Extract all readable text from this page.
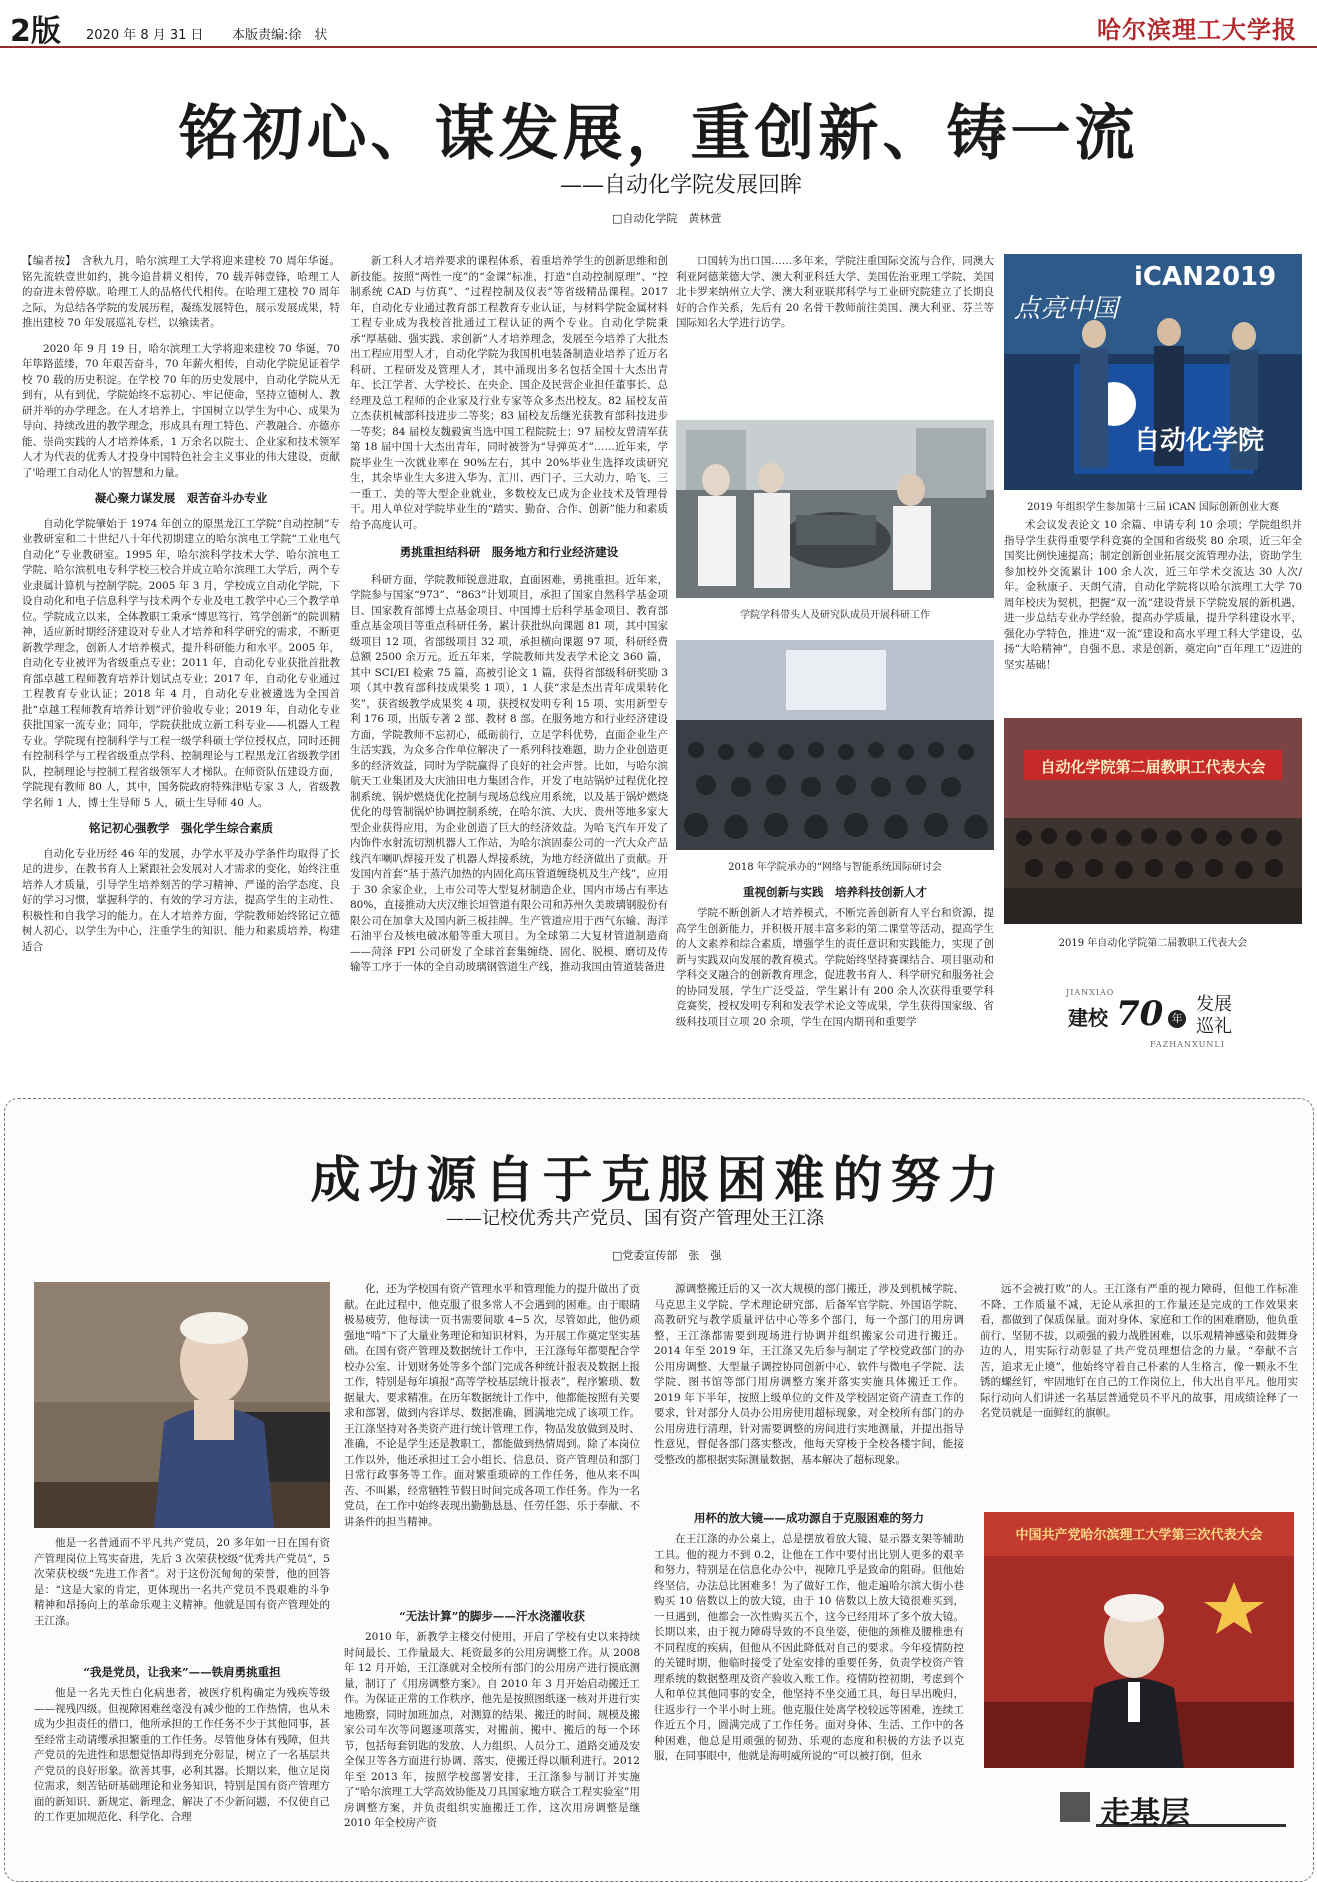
2版 2020 年 8 月 31 日 本版责编:徐　状	哈尔滨理工大学报
铭初心、谋发展，重创新、铸一流
——自动化学院发展回眸
□自动化学院　黄林萱
【编者按】　含秋九月，哈尔滨理工大学将迎来建校 70 周年华诞。铭先流轶壹世如约，挑今追昔耕义相传，70 载弄韩壹锋，哈理工人的奋进未曾停歇。哈理工人的品格代代相传。在哈理工建校 70 周年之际，为总结各学院的发展历程，凝练发展特色，展示发展成果，特推出建校 70 年发展巡礼专栏，以飨读者。

2020 年 9 月 19 日，哈尔滨理工大学将迎来建校 70 华诞，70 年筚路蓝缕，70 年艰苦奋斗，70 年薪火相传，自动化学院见证着学校 70 载的历史积淀。在学校 70 年的历史发展中，自动化学院从无到有，从有到优，学院始终不忘初心、牢记使命，坚持立德树人、教研并举的办学理念。在人才培养上，宇国树立以学生为中心、成果为导向、持续改进的教学理念，形成具有理工特色、产教融合、亦德亦能、崇尚实践的人才培养体系，1 万余名以院士、企业家和技术领军人才为代表的优秀人才投身中国特色社会主义事业的伟大建设，贡献了'哈理工自动化人'的智慧和力量。

凝心聚力谋发展　艰苦奋斗办专业

自动化学院肇始于 1974 年创立的原黑龙江工学院“自动控制”专业教研室和二十世纪八十年代初期建立的哈尔滨电工学院“工业电气自动化”专业教研室。1995 年，哈尔滨科学技术大学、哈尔滨电工学院、哈尔滨机电专科学校三校合并成立哈尔滨理工大学后，两个专业隶属计算机与控制学院。2005 年 3 月，学校成立自动化学院，下设自动化和电子信息科学与技术两个专业及电工教学中心三个教学单位。学院成立以来，全体教职工秉承“博思笃行、笃学创新”的院训精神，适应新时期经济建设对专业人才培养和科学研究的需求，不断更新教学理念，创新人才培养模式，提升科研能力和水平。2005 年，自动化专业被评为省级重点专业；2011 年，自动化专业获批首批教育部卓越工程师教育培养计划试点专业；2017 年，自动化专业通过工程教育专业认证；2018 年 4 月，自动化专业被遴选为全国首批“卓越工程师教育培养计划”评价验收专业；2019 年，自动化专业获批国家一流专业；同年，学院获批成立新工科专业——机器人工程专业。学院现有控制科学与工程一级学科硕士学位授权点，同时还拥有控制科学与工程省级重点学科、控制理论与工程黑龙江省级教学团队，控制理论与控制工程省级领军人才梯队。在师资队伍建设方面，学院现有教师 80 人，其中，国务院政府特殊津贴专家 3 人，省级教学名师 1 人，博士生导师 5 人，硕士生导师 40 人。

铭记初心强教学　强化学生综合素质

自动化专业历经 46 年的发展，办学水平及办学条件均取得了长足的进步，在教书育人上紧跟社会发展对人才需求的变化，始终注重培养人才质量，引导学生培养刻苦的学习精神、严谨的治学态度、良好的学习习惯，掌握科学的、有效的学习方法，提高学生的主动性、积极性和自我学习的能力。在人才培养方面，学院教师始终铭记立德树人初心，以学生为中心，注重学生的知识、能力和素质培养，构建适合

新工科人才培养要求的课程体系，着重培养学生的创新思维和创新技能。按照“两性一度”的“金课”标准，打造“自动控制原理”、“控制系统 CAD 与仿真”、“过程控制及仪表”等省级精品课程。2017 年，自动化专业通过教育部工程教育专业认证，与材料学院金属材料工程专业成为我校首批通过工程认证的两个专业。自动化学院秉承“厚基础、强实践、求创新”人才培养理念，发展至今培养了大批杰出工程应用型人才，自动化学院为我国机电装备制造业培养了近万名科研、工程研发及管理人才，其中涌现出多名包括全国十大杰出青年、长江学者、大学校长、在央企、国企及民营企业担任董事长、总经理及总工程师的企业家及行业专家等众多杰出校友。82 届校友苗立杰获机械部科技进步二等奖；83 届校友岳继光获教育部科技进步一等奖；84 届校友魏毅寅当选中国工程院院士；97 届校友曾清军获第 18 届中国十大杰出青年，同时被誉为“导弹英才”……近年来，学院毕业生一次就业率在 90%左右，其中 20%毕业生选择攻读研究生，其余毕业生大多进入华为、汇川、西门子、三大动力、哈飞、三一重工、美的等大型企业就业，多数校友已成为企业技术及管理骨干。用人单位对学院毕业生的“踏实、勤奋、合作、创新”能力和素质给予高度认可。

勇挑重担结科研　服务地方和行业经济建设

科研方面，学院教师锐意进取，直面困难，勇挑重担。近年来，学院参与国家“973”、“863”计划项目，承担了国家自然科学基金项目、国家教育部博士点基金项目、中国博士后科学基金项目、教育部重点基金项目等重点科研任务，累计获批纵向课题 81 项，其中国家级项目 12 项，省部级项目 32 项，承担横向课题 97 项，科研经费总额 2500 余万元。近五年来，学院教师共发表学术论文 360 篇，其中 SCI/EI 检索 75 篇，高被引论文 1 篇，获得省部级科研奖励 3 项（其中教育部科技成果奖 1 项），1 人获“求是杰出青年成果转化奖”，获省级教学成果奖 4 项，获授权发明专利 15 项、实用新型专利 176 项，出版专著 2 部、教材 8 部。在服务地方和行业经济建设方面，学院教师不忘初心，砥砺前行，立足学科优势，直面企业生产生活实践，为众多合作单位解决了一系列科技难题，助力企业创造更多的经济效益，同时为学院赢得了良好的社会声誉。比如，与哈尔滨航天工业集团及大庆油田电力集团合作，开发了电站锅炉过程优化控制系统、锅炉燃烧优化控制与现场总线应用系统，以及基于锅炉燃烧优化的母管制锅炉协调控制系统，在哈尔滨、大庆、贵州等地多家大型企业获得应用，为企业创造了巨大的经济效益。为哈飞汽车开发了内饰件水射流切割机器人工作站，为哈尔滨固泰公司的一汽大众产品线汽车喇叭焊接开发了机器人焊接系统，为地方经济做出了贡献。开发国内首套“基于蒸汽加热的内固化高压管道缠绕机及生产线”，应用于 30 余家企业，上市公司等大型复材制造企业，国内市场占有率达 80%，直接推动大庆汉维长垣管道有限公司和苏州久美玻璃钢股份有限公司在加拿大及国内新三板挂牌。生产管道应用于西气东输、海洋石油平台及核电破冰船等重大项目。为全球第二大复材管道制造商——菏泽 FPI 公司研发了全球首套集缠绕、固化、脱模、磨切及传输等工序于一体的全自动玻璃钢管道生产线，推动我国由管道装备进

口国转为出口国……多年来，学院注重国际交流与合作，同澳大利亚阿德莱德大学、澳大利亚科廷大学、美国佐治亚理工学院、美国北卡罗来纳州立大学、澳大利亚联邦科学与工业研究院建立了长期良好的合作关系，先后有 20 名骨干教师前往美国、澳大利亚、芬兰等国际知名大学进行访学。

学院学科带头人及研究队成员开展科研工作
2018 年学院承办的“网络与智能系统国际研讨会
重视创新与实践　培养科技创新人才

学院不断创新人才培养模式，不断完善创新育人平台和资源，提高学生创新能力，并积极开展丰富多彩的第二课堂等活动，提高学生的人文素养和综合素质，增强学生的责任意识和实践能力，实现了创新与实践双向发展的教育模式。学院始终坚持赛课结合、项目驱动和学科交叉融合的创新教育理念，促进教书育人、科学研究和服务社会的协同发展，学生广泛受益，学生累计有 200 余人次获得重要学科竞赛奖，授权发明专利和发表学术论文等成果，学生获得国家级、省级科技项目立项 20 余项，学生在国内期刊和重要学

iCAN2019
点亮中国
自动化学院
2019 年组织学生参加第十三届 iCAN 国际创新创业大赛

术会议发表论文 10 余篇、申请专利 10 余项；学院组织并指导学生获得重要学科竞赛的全国和省级奖 80 余项，近三年全国奖比例快速提高；制定创新创业拓展交流管理办法，资助学生参加校外交流累计 100 余人次，近三年学术交流达 30 人次/年。金秋康子、天朗气清，自动化学院将以哈尔滨理工大学 70 周年校庆为契机，把握“双一流”建设背景下学院发展的新机遇，进一步总结专业办学经验，提高办学质量，提升学科建设水平，强化办学特色，推进“双一流”建设和高水平理工科大学建设，弘扬“大哈精神”，自强不息、求是创新，奠定向“百年理工”迈进的坚实基础！

自动化学院第二届教职工代表大会
2019 年自动化学院第二届教职工代表大会
JIANXIAO
建校 70 年
发展
巡礼
FAZHANXUNLI
成功源自于克服困难的努力
——记校优秀共产党员、国有资产管理处王江涤
□党委宣传部　张　强

他是一名普通而不平凡共产党员，20 多年如一日在国有资产管理岗位上笃实奋进，先后 3 次荣获校级“优秀共产党员”，5 次荣获校级“先进工作者”。对于这份沉甸甸的荣誉，他的回答是：“这是大家的肯定，更体现出一名共产党员不畏艰难的斗争精神和昂扬向上的革命乐观主义精神。他就是国有资产管理处的王江涤。

“我是党员，让我来”——铁肩勇挑重担

他是一名先天性白化病患者，被医疗机构确定为残疾等级——视残四级。但视障困难丝毫没有减少他的工作热情，也从未成为少担责任的借口，他所承担的工作任务不少于其他同事，甚至经常主动请缨承担繁重的工作任务。尽管他身体有残障，但共产党员的先进性和思想觉悟却得到充分彰显，树立了一名基层共产党员的良好形象。欲善其事，必利其器。长期以来，他立足岗位需求，刻苦钻研基础理论和业务知识，特别是国有资产管理方面的新知识、新规定、新理念，解决了不少新问题，不仅使自己的工作更加规范化、科学化、合理

化，还为学校国有资产管理水平和管理能力的提升做出了贡献。在此过程中，他克服了很多常人不会遇到的困难。由于眼睛极易疲劳，他每读一页书需要间歇 4−5 次，尽管如此，他仍顽强地“啃”下了大量业务理论和知识材料，为开展工作奠定坚实基础。在国有资产管理及数据统计工作中，王江涤每年都要配合学校办公室、计划财务处等多个部门完成各种统计报表及数据上报工作，特别是每年填报“高等学校基层统计报表”，程序繁琐、数据量大、要求精准。在历年数据统计工作中，他都能按照有关要求和部署，做到内容详尽、数据准确，圆满地完成了该项工作。王江涤坚持对各类资产进行统计管理工作，物品发放做到及时、准确，不论是学生还是教职工，都能做到热情周到。除了本岗位工作以外，他还承担过工会小组长、信息员、资产管理员和部门日常行政事务等工作。面对繁重琐碎的工作任务，他从来不叫苦、不叫累，经常牺牲节假日时间完成各项工作任务。作为一名党员，在工作中始终表现出勤勤恳恳、任劳任怨、乐于奉献、不讲条件的担当精神。

“无法计算”的脚步——汗水浇灌收获

2010 年，新教学主楼交付使用，开启了学校有史以来持续时间最长、工作量最大、耗资最多的公用房调整工作。从 2008 年 12 月开始，王江涤就对全校所有部门的公用房产进行摸底测量，制订了《用房调整方案》。自 2010 年 3 月开始启动搬迁工作。为保证正常的工作秩序，他先是按照图纸逐一核对并进行实地勘察，同时加班加点，对测算的结果、搬迁的时间、规模及搬家公司车次等问题逐项落实，对搬前、搬中、搬后的每一个环节，包括每套钥匙的发放、人力组织、人员分工、道路交通及安全保卫等各方面进行协调、落实，使搬迁得以顺利进行。2012 年至 2013 年，按照学校部署安排，王江涤参与制订并实施了“哈尔滨理工大学高效协能及刀具国家地方联合工程实验室”用房调整方案，并负责组织实施搬迁工作，这次用房调整是继 2010 年全校房产资

源调整搬迁后的又一次大规模的部门搬迁，涉及到机械学院、马克思主义学院、学术理论研究部、后备军官学院、外国语学院、高教研究与教学质量评估中心等多个部门，每一个部门的用房调整，王江涤都需要到现场进行协调并组织搬家公司进行搬迁。2014 年至 2019 年，王江涤又先后参与制定了学校党政部门的办公用房调整、大型量子调控协同创新中心、软件与微电子学院、法学院、图书馆等部门用房调整方案并落实实施具体搬迁工作。2019 年下半年，按照上级单位的文件及学校固定资产清查工作的要求，针对部分人员办公用房使用超标现象，对全校所有部门的办公用房进行清理，针对需要调整的房间进行实地测量，并提出指导性意见，督促各部门落实整改，他每天穿梭于全校各楼宇间，能接受整改的都根据实际测量数据，基本解决了超标现象。

用杯的放大镜——成功源自于克服困难的努力

在王江涤的办公桌上，总是摆放着放大镜、显示器支架等辅助工具。他的视力不到 0.2，让他在工作中要付出比别人更多的艰辛和努力，特别是在信息化办公中，视障几乎是致命的阻碍。但他始终坚信，办法总比困难多！为了做好工作，他走遍哈尔滨大街小巷购买 10 倍数以上的放大镜，由于 10 倍数以上放大镜很难买到，一旦遇到，他都会一次性购买五个，这今已经用坏了多个放大镜。长期以来，由于视力障碍导致的不良坐姿，使他的颈椎及腰椎患有不同程度的疾病，但他从不因此降低对自己的要求。今年疫情防控的关键时期，他临时接受了处室安排的重要任务，负责学校资产管理系统的数据整理及资产验收入账工作。疫情防控初期，考虑到个人和单位其他同事的安全，他坚持不坐交通工具，每日早出晚归，往返步行一个半小时上班。他克服住处离学校较远等困难，连续工作近五个月，圆满完成了工作任务。面对身体、生活、工作中的各种困难，他总是用顽强的韧劲、乐观的态度和积极的方法予以克服，在同事眼中，他就是海明威所说的“可以被打倒，但永

远不会被打败”的人。王江涤有严重的视力障碍，但他工作标准不降、工作质量不减，无论从承担的工作量还是完成的工作效果来看，都做到了保质保量。面对身体、家庭和工作的困难磨励，他负重前行、坚韧不拔，以顽强的毅力战胜困难，以乐观精神感染和鼓舞身边的人，用实际行动彰显了共产党员理想信念的力量。“奉献不言苦，追求无止境”，他始终守着自己朴素的人生格言，像一颗永不生锈的螺丝钉，牢固地钉在自己的工作岗位上，伟大出自平凡。他用实际行动向人们讲述一名基层普通党员不平凡的故事，用成绩诠释了一名党员就是一面鲜红的旗帜。

中国共产党哈尔滨理工大学第三次代表大会
走基层
